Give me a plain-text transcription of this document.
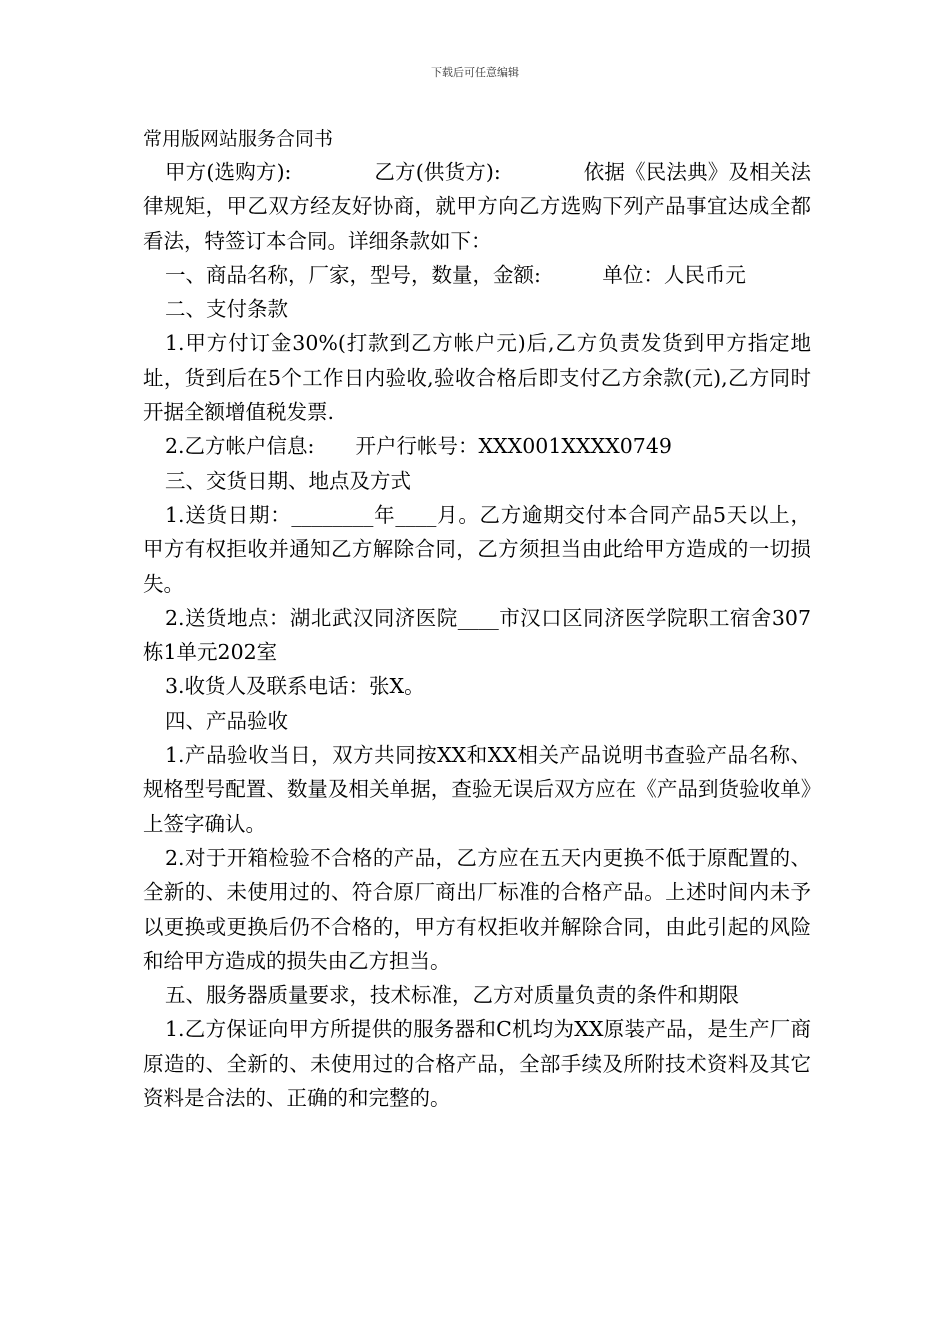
下载后可任意编辑
常用版网站服务合同书

甲方(选购方):　　　　乙方(供货方):　　　　依据《民法典》及相关法律规矩，甲乙双方经友好协商，就甲方向乙方选购下列产品事宜达成全都看法，特签订本合同。详细条款如下：

一、商品名称，厂家，型号，数量，金额:　　　单位：人民币元

二、支付条款

1.甲方付订金30%(打款到乙方帐户元)后,乙方负责发货到甲方指定地址，货到后在5个工作日内验收,验收合格后即支付乙方余款(元),乙方同时开据全额增值税发票.

2.乙方帐户信息:　　开户行帐号：XXX001XXXX0749

三、交货日期、地点及方式

1.送货日期：________年____月。乙方逾期交付本合同产品5天以上，甲方有权拒收并通知乙方解除合同，乙方须担当由此给甲方造成的一切损失。

2.送货地点：湖北武汉同济医院____市汉口区同济医学院职工宿舍307栋1单元202室

3.收货人及联系电话：张X。

四、产品验收

1.产品验收当日，双方共同按XX和XX相关产品说明书查验产品名称、规格型号配置、数量及相关单据，查验无误后双方应在《产品到货验收单》上签字确认。

2.对于开箱检验不合格的产品，乙方应在五天内更换不低于原配置的、全新的、未使用过的、符合原厂商出厂标准的合格产品。上述时间内未予以更换或更换后仍不合格的，甲方有权拒收并解除合同，由此引起的风险和给甲方造成的损失由乙方担当。

五、服务器质量要求，技术标准，乙方对质量负责的条件和期限

1.乙方保证向甲方所提供的服务器和C机均为XX原装产品，是生产厂商原造的、全新的、未使用过的合格产品，全部手续及所附技术资料及其它资料是合法的、正确的和完整的。
